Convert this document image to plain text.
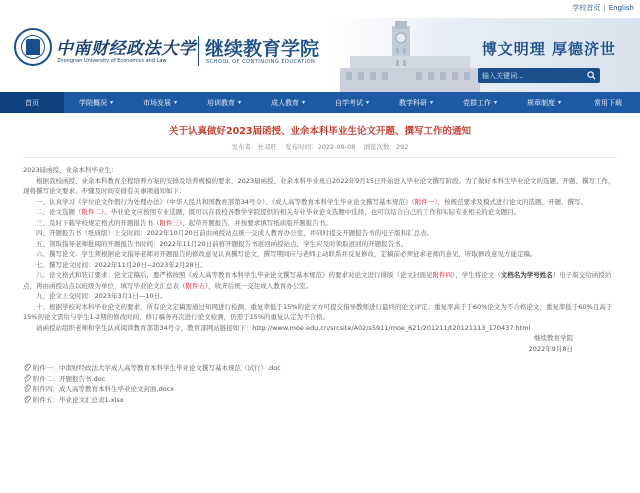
学校首页 | English
中南财经政法大学
Zhongnan University of Economics and Law
继续教育学院
SCHOOL OF CONTINUING EDUCATION
博文明理 厚德济世
输入关键词...
首页	学院概况 ▾	市场发展 ▾	培训教育 ▾	成人教育 ▾	自学考试 ▾	教学科研 ▾	党群工作 ▾	规章制度 ▾	常用下载
关于认真做好2023届函授、业余本科毕业生论文开题、撰写工作的通知
发布者：杜邓旺 发布时间：2022-09-08 浏览次数：292

2023届函授、业余本科毕业生：

根据我校函授、业余本科教育全程培养方案的安排及培养规模的要求，2023届函授、业余本科毕业班自2022年9月15日开始进入毕业论文撰写阶段。为了做好本科生毕业论文的选题、开题、撰写工作，现将撰写论文要求、步骤及时间安排有关事项通知如下：

一、认真学习《学位论文作假行为处理办法》（中华人民共和国教育部第34号令）、《成人高等教育本科学生毕业论文撰写基本规范》（附件一），按规范要求及模式进行论文的选题、开题、撰写。

二、论文选题（附件二）。毕业论文应按照专业选题，既可以在我校各教学学院提供的相关专业毕业论文选题中选择，也可以结合自己的工作和实际专业相关的论文题目。

三、及时下载学校规定格式的开题报告书（附件三），起草开题报告，并按要求填写纸质版开题报告书。

四、开题报告书（纸质版）上交时间：2022年10月20日前由函授站点统一交成人教育办公室，并同时提交开题报告书的电子版和汇总表。

五、领取指导老师批阅的开题报告书时间：2022年11月20日前将开题报告书返回函授站点，学生应及时领取返回的开题报告书。

六、撰写论文：学生须根据论文指导老师对开题报告的修改意见认真撰写论文，撰写期间应与老师主动联系并反复修改，定稿前必须征求老师的意见，听取修改意见方能定稿。

七、撰写论文时间：2022年11月20日--2023年2月28日。

八、论文格式和装订要求：论文定稿后，要严格按照《成人高等教育本科学生毕业论文撰写基本规范》的要求对论文进行排版（论文封面见附件四），学生将论文（文档名为学号姓名）电子版交给函授站点，再由函授站点以班级为单位，填写毕业论文汇总表（附件五），收齐后统一交往成人教育办公室。

九、论文上交时间：2023年3月1日—10日。

十、根据学校对本科毕业论文的要求，所有论文定稿需通过知网进行检测，重复率低于15%的论文方可提交指导教师进行最终的论文评定；重复率高于于60%论文为不合格论文；重复率低于60%且高于15%的论文需给与学生1-2期的修改时间，修订稿务再次进行论文检测，仍需于15%的重复认定为不合格。

请函授站组织老师和学生认真阅读教育部第34号令，教育部网站链接如下：http://www.moe.edu.cn/srcsite/A02/s5911/moe_621/201211/t20121113_170437.html

继续教育学院

2022年9月8日

附件一：中南财经政法大学成人高等教育本科学生毕业论文撰写基本规范（试行）.doc
附件二：开题报告书.doc
附件四：成人高等教育本科生毕业论文封面.docx
附件五：毕业论文汇总表1.xlsx
